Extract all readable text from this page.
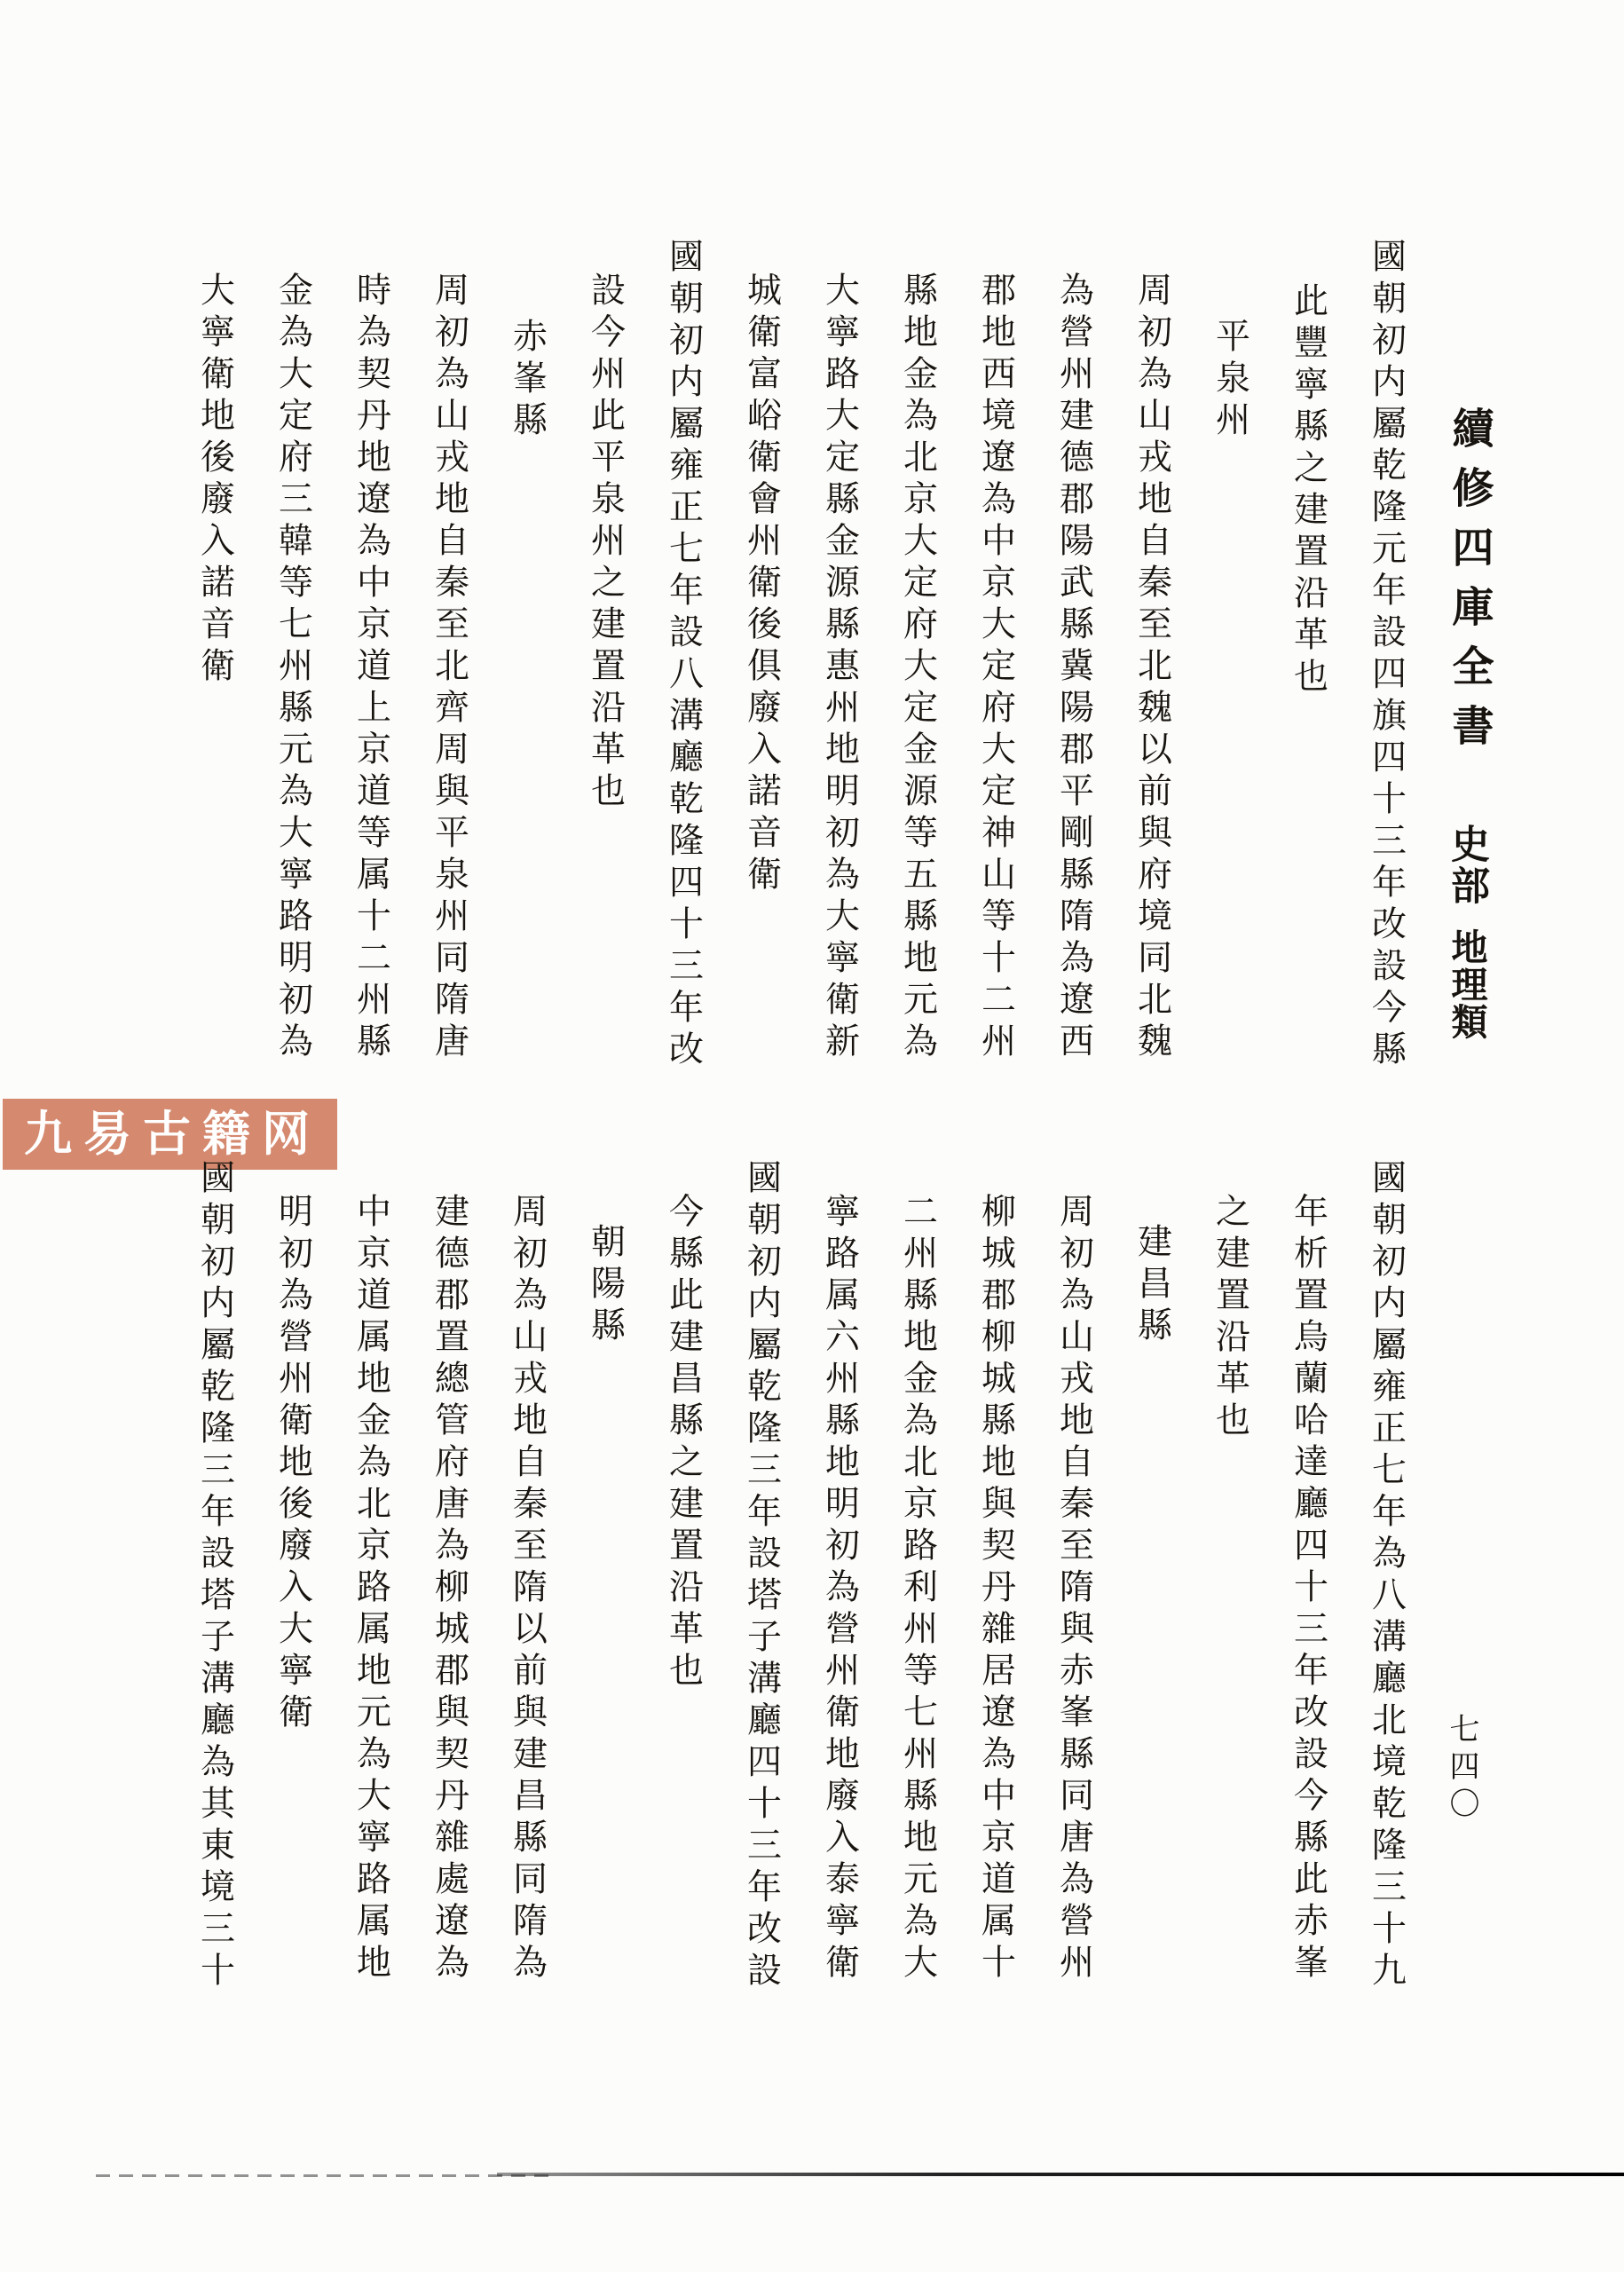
續修四庫全書
史部
地理類
國朝初内屬乾隆元年設四旗四十三年改設今縣
此豐寧縣之建置沿革也
平泉州
周初為山戎地自秦至北魏以前與府境同北魏
為營州建德郡陽武縣冀陽郡平剛縣隋為遼西
郡地西境遼為中京大定府大定神山等十二州
縣地金為北京大定府大定金源等五縣地元為
大寧路大定縣金源縣惠州地明初為大寧衛新
城衛富峪衛會州衛後俱廢入諾音衛
國朝初内屬雍正七年設八溝廳乾隆四十三年改
設今州此平泉州之建置沿革也
赤峯縣
周初為山戎地自秦至北齊周與平泉州同隋唐
時為契丹地遼為中京道上京道等属十二州縣
金為大定府三韓等七州縣元為大寧路明初為
大寧衛地後廢入諾音衛
九易古籍网
國朝初内屬雍正七年為八溝廳北境乾隆三十九
年析置烏蘭哈達廳四十三年改設今縣此赤峯
之建置沿革也
建昌縣
周初為山戎地自秦至隋與赤峯縣同唐為營州
柳城郡柳城縣地與契丹雜居遼為中京道属十
二州縣地金為北京路利州等七州縣地元為大
寧路属六州縣地明初為營州衛地廢入泰寧衛
國朝初内屬乾隆三年設塔子溝廳四十三年改設
今縣此建昌縣之建置沿革也
朝陽縣
周初為山戎地自秦至隋以前與建昌縣同隋為
建德郡置總管府唐為柳城郡與契丹雜處遼為
中京道属地金為北京路属地元為大寧路属地
明初為營州衛地後廢入大寧衛
國朝初内屬乾隆三年設塔子溝廳為其東境三十	七四〇
